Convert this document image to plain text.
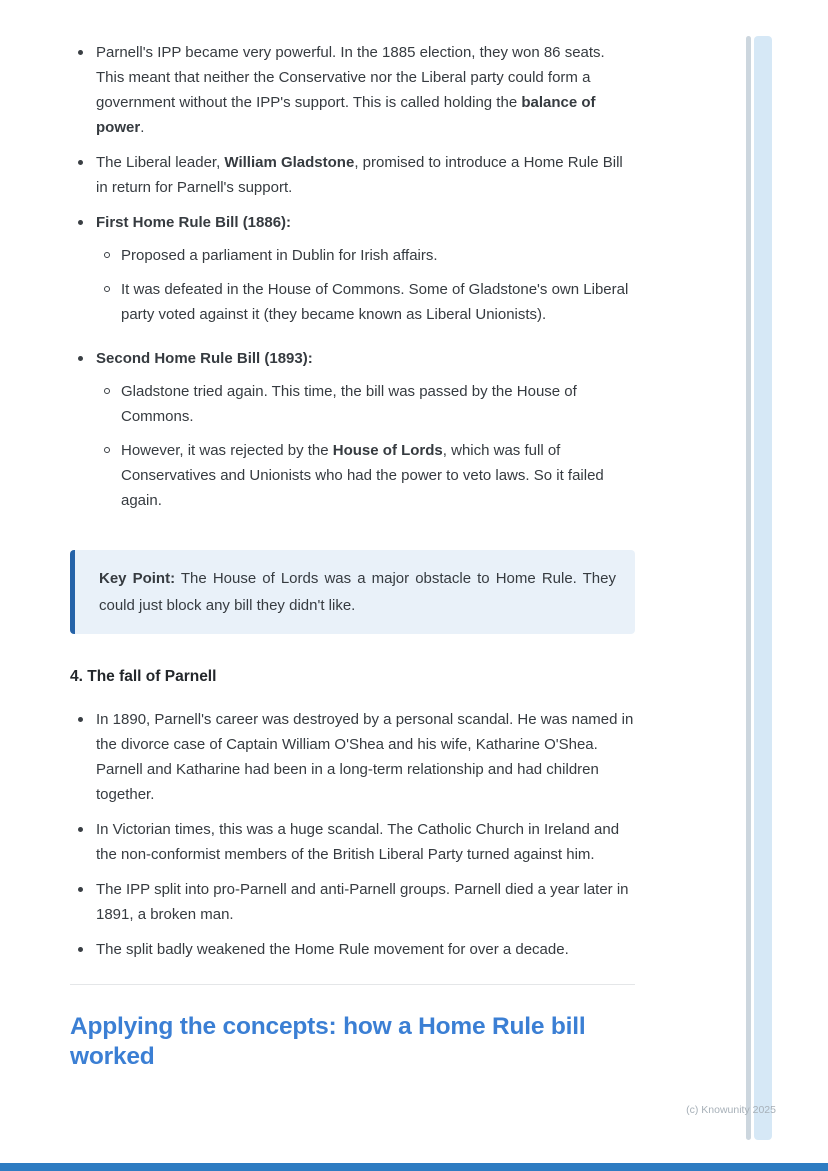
Parnell's IPP became very powerful. In the 1885 election, they won 86 seats. This meant that neither the Conservative nor the Liberal party could form a government without the IPP's support. This is called holding the balance of power.
The Liberal leader, William Gladstone, promised to introduce a Home Rule Bill in return for Parnell's support.
First Home Rule Bill (1886):
Proposed a parliament in Dublin for Irish affairs.
It was defeated in the House of Commons. Some of Gladstone's own Liberal party voted against it (they became known as Liberal Unionists).
Second Home Rule Bill (1893):
Gladstone tried again. This time, the bill was passed by the House of Commons.
However, it was rejected by the House of Lords, which was full of Conservatives and Unionists who had the power to veto laws. So it failed again.
Key Point: The House of Lords was a major obstacle to Home Rule. They could just block any bill they didn't like.
4. The fall of Parnell
In 1890, Parnell's career was destroyed by a personal scandal. He was named in the divorce case of Captain William O'Shea and his wife, Katharine O'Shea. Parnell and Katharine had been in a long-term relationship and had children together.
In Victorian times, this was a huge scandal. The Catholic Church in Ireland and the non-conformist members of the British Liberal Party turned against him.
The IPP split into pro-Parnell and anti-Parnell groups. Parnell died a year later in 1891, a broken man.
The split badly weakened the Home Rule movement for over a decade.
Applying the concepts: how a Home Rule bill worked
(c) Knowunity 2025
